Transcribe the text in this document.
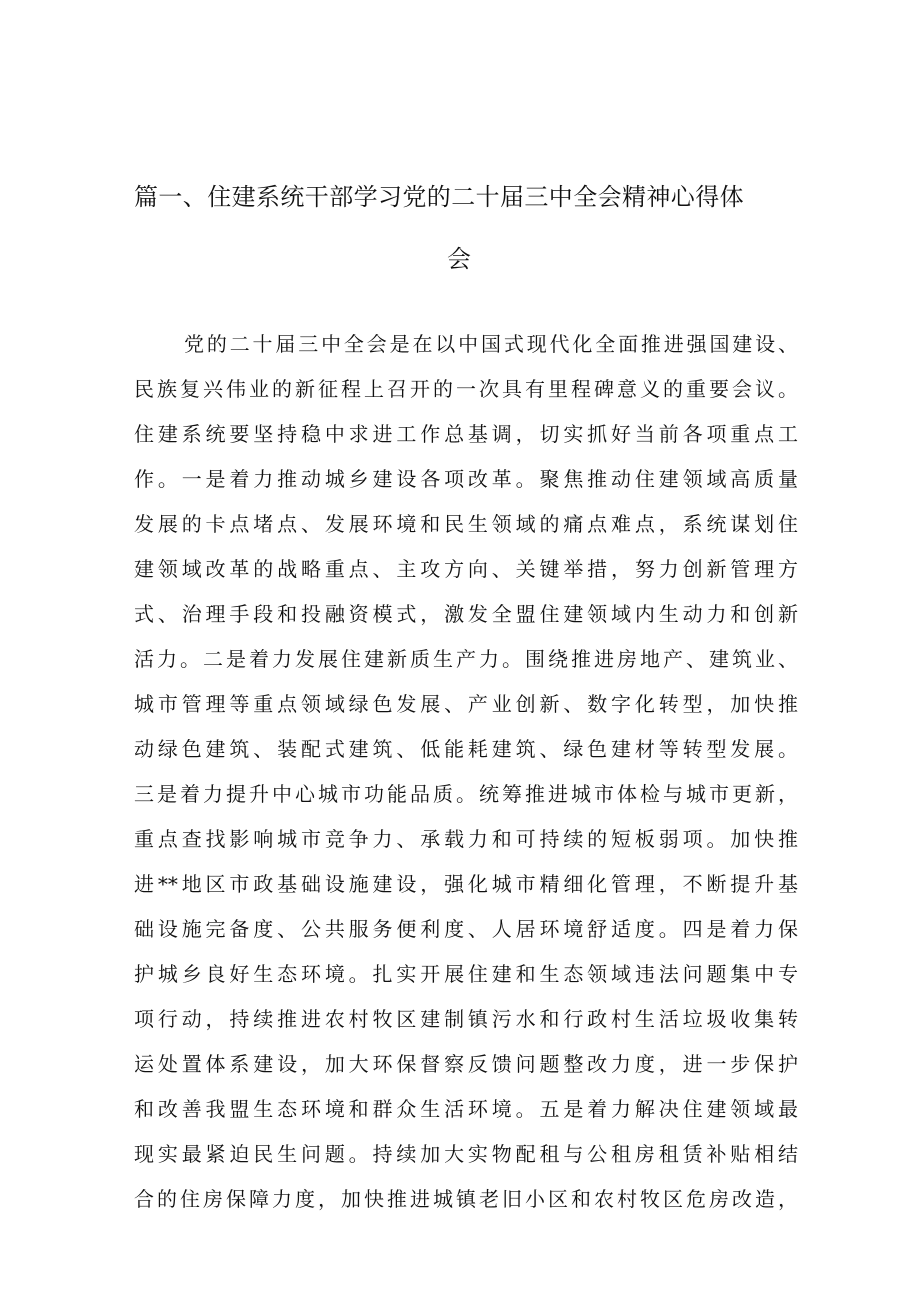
篇一、住建系统干部学习党的二十届三中全会精神心得体
会
党的二十届三中全会是在以中国式现代化全面推进强国建设、
民族复兴伟业的新征程上召开的一次具有里程碑意义的重要会议。
住建系统要坚持稳中求进工作总基调，切实抓好当前各项重点工
作。一是着力推动城乡建设各项改革。聚焦推动住建领域高质量
发展的卡点堵点、发展环境和民生领域的痛点难点，系统谋划住
建领域改革的战略重点、主攻方向、关键举措，努力创新管理方
式、治理手段和投融资模式，激发全盟住建领域内生动力和创新
活力。二是着力发展住建新质生产力。围绕推进房地产、建筑业、
城市管理等重点领域绿色发展、产业创新、数字化转型，加快推
动绿色建筑、装配式建筑、低能耗建筑、绿色建材等转型发展。
三是着力提升中心城市功能品质。统筹推进城市体检与城市更新，
重点查找影响城市竞争力、承载力和可持续的短板弱项。加快推
进**地区市政基础设施建设，强化城市精细化管理，不断提升基
础设施完备度、公共服务便利度、人居环境舒适度。四是着力保
护城乡良好生态环境。扎实开展住建和生态领域违法问题集中专
项行动，持续推进农村牧区建制镇污水和行政村生活垃圾收集转
运处置体系建设，加大环保督察反馈问题整改力度，进一步保护
和改善我盟生态环境和群众生活环境。五是着力解决住建领域最
现实最紧迫民生问题。持续加大实物配租与公租房租赁补贴相结
合的住房保障力度，加快推进城镇老旧小区和农村牧区危房改造，
